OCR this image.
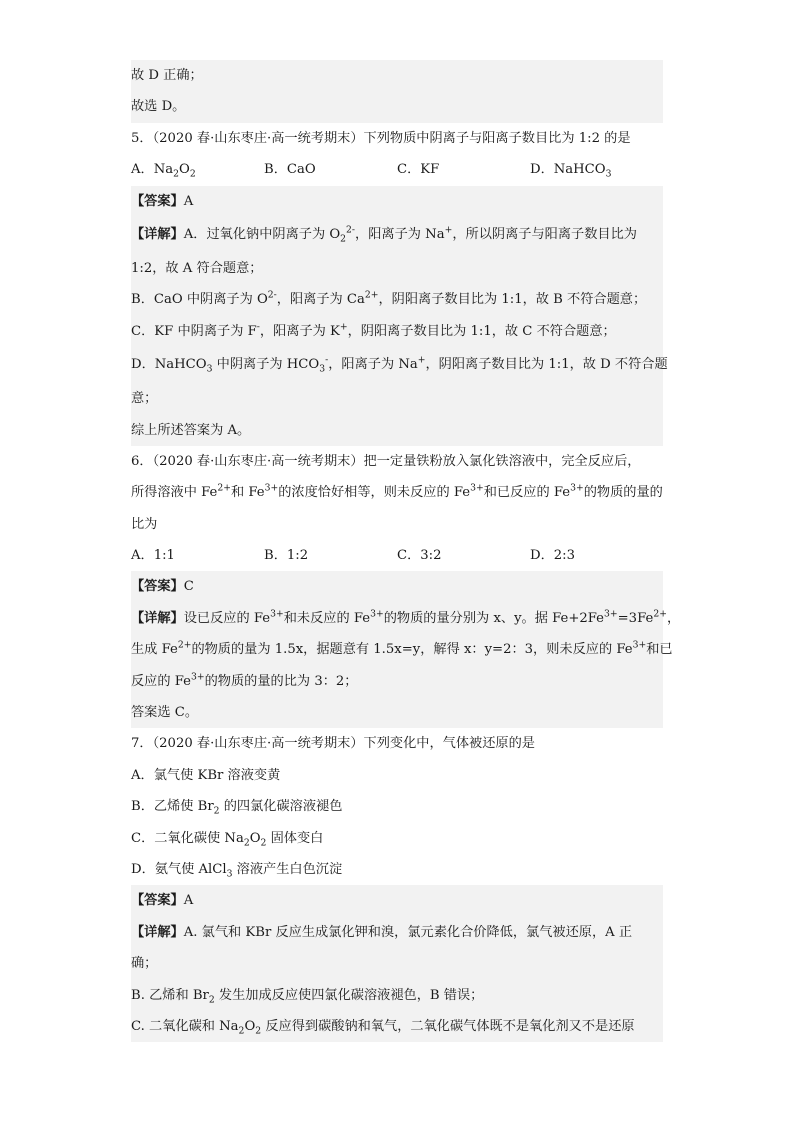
故 D 正确；
故选 D。
5．（2020 春·山东枣庄·高一统考期末）下列物质中阴离子与阳离子数目比为 1:2 的是
A．$Na_2O_2$	B．CaO	C．KF	D．NaHCO$_3$
【答案】A
【详解】A．过氧化钠中阴离子为 $O_2^{2-}$，阳离子为 Na+，所以阴离子与阳离子数目比为
1:2，故 A 符合题意；
B．CaO 中阴离子为 $O^{2-}$，阳离子为 $Ca^{2+}$，阴阳离子数目比为 1:1，故 B 不符合题意；
C．KF 中阴离子为 F-，阳离子为 K+，阴阳离子数目比为 1:1，故 C 不符合题意；
D．NaHCO$_3$ 中阴离子为 $HCO_3^-$，阳离子为 Na+，阴阳离子数目比为 1:1，故 D 不符合题
意；
综上所述答案为 A。
6．（2020 春·山东枣庄·高一统考期末）把一定量铁粉放入氯化铁溶液中，完全反应后，
所得溶液中 $Fe^{2+}$和 $Fe^{3+}$的浓度恰好相等，则未反应的 $Fe^{3+}$和已反应的 $Fe^{3+}$的物质的量的
比为
A．1:1	B．1:2	C．3:2	D．2:3
【答案】C
【详解】设已反应的 $Fe^{3+}$和未反应的 $Fe^{3+}$的物质的量分别为 x、y。据 $Fe+2Fe^{3+}=3Fe^{2+}$，
生成 $Fe^{2+}$的物质的量为 1.5x，据题意有 1.5x=y，解得 x：y=2：3，则未反应的 $Fe^{3+}$和已
反应的 $Fe^{3+}$的物质的量的比为 3：2；
答案选 C。
7．（2020 春·山东枣庄·高一统考期末）下列变化中，气体被还原的是
A．氯气使 KBr 溶液变黄
B．乙烯使 $Br_2$ 的四氯化碳溶液褪色
C．二氧化碳使 $Na_2O_2$ 固体变白
D．氨气使 AlCl$_3$ 溶液产生白色沉淀
【答案】A
【详解】A. 氯气和 KBr 反应生成氯化钾和溴，氯元素化合价降低，氯气被还原，A 正
确；
B. 乙烯和 $Br_2$ 发生加成反应使四氯化碳溶液褪色，B 错误；
C. 二氧化碳和 $Na_2O_2$ 反应得到碳酸钠和氧气，二氧化碳气体既不是氧化剂又不是还原
